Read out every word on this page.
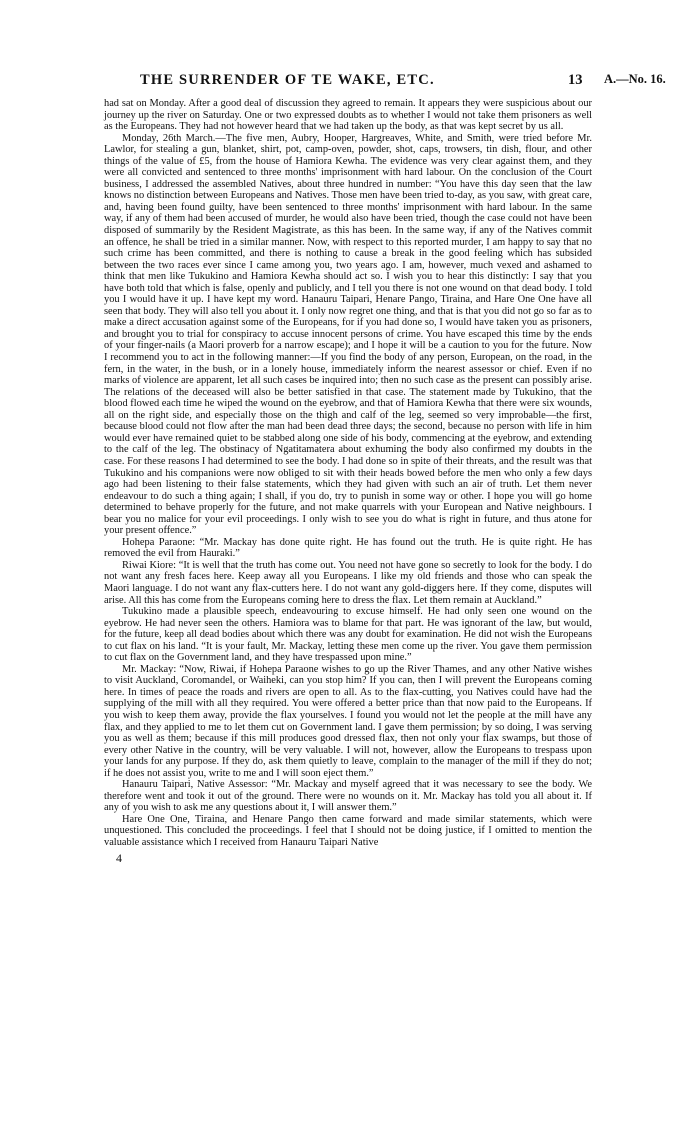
THE SURRENDER OF TE WAKE, ETC.	13	A.—No. 16.

had sat on Monday. After a good deal of discussion they agreed to remain. It appears they were suspicious about our journey up the river on Saturday. One or two expressed doubts as to whether I would not take them prisoners as well as the Europeans. They had not however heard that we had taken up the body, as that was kept secret by us all.

Monday, 26th March.—The five men, Aubry, Hooper, Hargreaves, White, and Smith, were tried before Mr. Lawlor, for stealing a gun, blanket, shirt, pot, camp-oven, powder, shot, caps, trowsers, tin dish, flour, and other things of the value of £5, from the house of Hamiora Kewha. The evidence was very clear against them, and they were all convicted and sentenced to three months' imprisonment with hard labour. On the conclusion of the Court business, I addressed the assembled Natives, about three hundred in number: “You have this day seen that the law knows no distinction between Europeans and Natives. Those men have been tried to-day, as you saw, with great care, and, having been found guilty, have been sentenced to three months' imprisonment with hard labour. In the same way, if any of them had been accused of murder, he would also have been tried, though the case could not have been disposed of summarily by the Resident Magistrate, as this has been. In the same way, if any of the Natives commit an offence, he shall be tried in a similar manner. Now, with respect to this reported murder, I am happy to say that no such crime has been committed, and there is nothing to cause a break in the good feeling which has subsided between the two races ever since I came among you, two years ago. I am, however, much vexed and ashamed to think that men like Tukukino and Hamiora Kewha should act so. I wish you to hear this distinctly: I say that you have both told that which is false, openly and publicly, and I tell you there is not one wound on that dead body. I told you I would have it up. I have kept my word. Hanauru Taipari, Henare Pango, Tiraina, and Hare One One have all seen that body. They will also tell you about it. I only now regret one thing, and that is that you did not go so far as to make a direct accusation against some of the Europeans, for if you had done so, I would have taken you as prisoners, and brought you to trial for conspiracy to accuse innocent persons of crime. You have escaped this time by the ends of your finger-nails (a Maori proverb for a narrow escape); and I hope it will be a caution to you for the future. Now I recommend you to act in the following manner:—If you find the body of any person, European, on the road, in the fern, in the water, in the bush, or in a lonely house, immediately inform the nearest assessor or chief. Even if no marks of violence are apparent, let all such cases be inquired into; then no such case as the present can possibly arise. The relations of the deceased will also be better satisfied in that case. The statement made by Tukukino, that the blood flowed each time he wiped the wound on the eyebrow, and that of Hamiora Kewha that there were six wounds, all on the right side, and especially those on the thigh and calf of the leg, seemed so very improbable—the first, because blood could not flow after the man had been dead three days; the second, because no person with life in him would ever have remained quiet to be stabbed along one side of his body, commencing at the eyebrow, and extending to the calf of the leg. The obstinacy of Ngatitamatera about exhuming the body also confirmed my doubts in the case. For these reasons I had determined to see the body. I had done so in spite of their threats, and the result was that Tukukino and his companions were now obliged to sit with their heads bowed before the men who only a few days ago had been listening to their false statements, which they had given with such an air of truth. Let them never endeavour to do such a thing again; I shall, if you do, try to punish in some way or other. I hope you will go home determined to behave properly for the future, and not make quarrels with your European and Native neighbours. I bear you no malice for your evil proceedings. I only wish to see you do what is right in future, and thus atone for your present offence.”

Hohepa Paraone: “Mr. Mackay has done quite right. He has found out the truth. He is quite right. He has removed the evil from Hauraki.”

Riwai Kiore: “It is well that the truth has come out. You need not have gone so secretly to look for the body. I do not want any fresh faces here. Keep away all you Europeans. I like my old friends and those who can speak the Maori language. I do not want any flax-cutters here. I do not want any gold-diggers here. If they come, disputes will arise. All this has come from the Europeans coming here to dress the flax. Let them remain at Auckland.”

Tukukino made a plausible speech, endeavouring to excuse himself. He had only seen one wound on the eyebrow. He had never seen the others. Hamiora was to blame for that part. He was ignorant of the law, but would, for the future, keep all dead bodies about which there was any doubt for examination. He did not wish the Europeans to cut flax on his land. “It is your fault, Mr. Mackay, letting these men come up the river. You gave them permission to cut flax on the Government land, and they have trespassed upon mine.”

Mr. Mackay: “Now, Riwai, if Hohepa Paraone wishes to go up the River Thames, and any other Native wishes to visit Auckland, Coromandel, or Waiheki, can you stop him? If you can, then I will prevent the Europeans coming here. In times of peace the roads and rivers are open to all. As to the flax-cutting, you Natives could have had the supplying of the mill with all they required. You were offered a better price than that now paid to the Europeans. If you wish to keep them away, provide the flax yourselves. I found you would not let the people at the mill have any flax, and they applied to me to let them cut on Government land. I gave them permission; by so doing, I was serving you as well as them; because if this mill produces good dressed flax, then not only your flax swamps, but those of every other Native in the country, will be very valuable. I will not, however, allow the Europeans to trespass upon your lands for any purpose. If they do, ask them quietly to leave, complain to the manager of the mill if they do not; if he does not assist you, write to me and I will soon eject them.”

Hanauru Taipari, Native Assessor: “Mr. Mackay and myself agreed that it was necessary to see the body. We therefore went and took it out of the ground. There were no wounds on it. Mr. Mackay has told you all about it. If any of you wish to ask me any questions about it, I will answer them.”

Hare One One, Tiraina, and Henare Pango then came forward and made similar statements, which were unquestioned. This concluded the proceedings. I feel that I should not be doing justice, if I omitted to mention the valuable assistance which I received from Hanauru Taipari Native

4
